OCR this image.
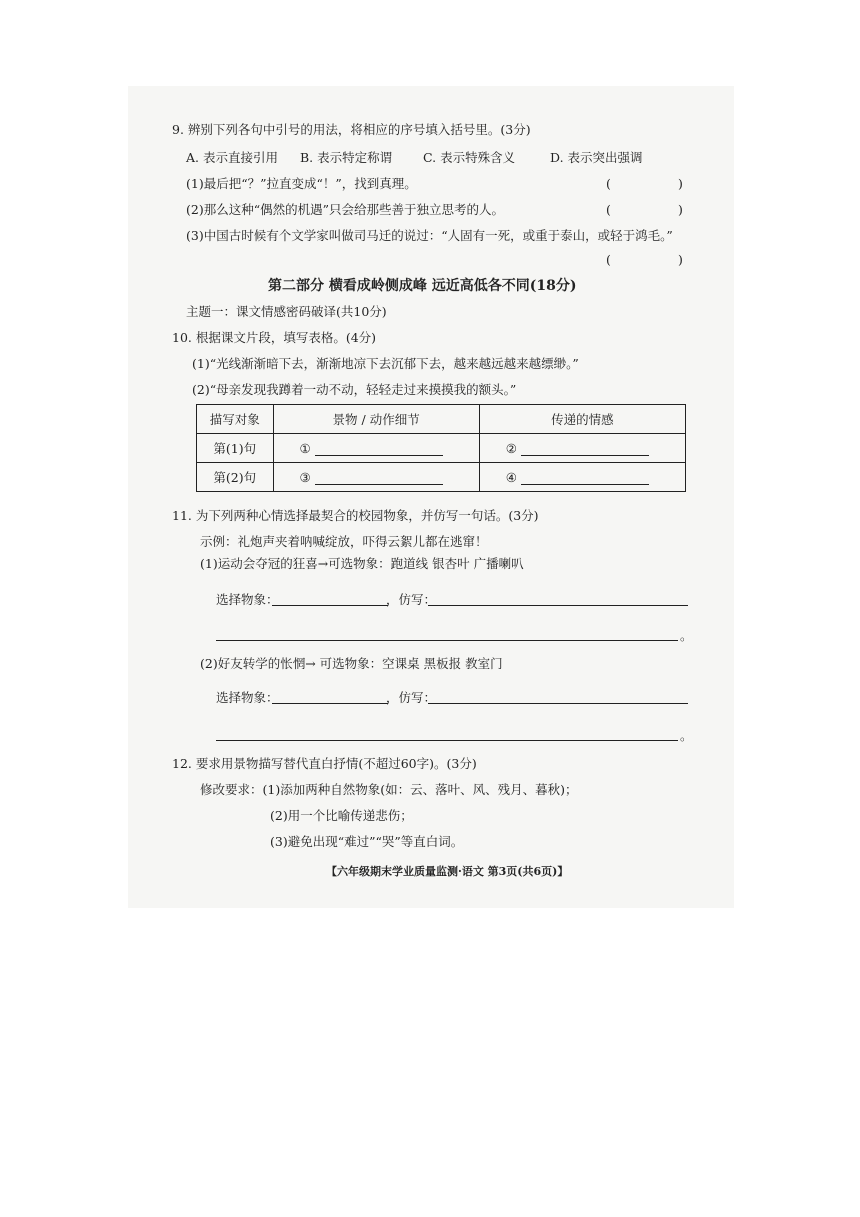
9. 辨别下列各句中引号的用法，将相应的序号填入括号里。(3分)
A. 表示直接引用 B. 表示特定称谓 C. 表示特殊含义	D. 表示突出强调
(1)最后把“？”拉直变成“！”，找到真理。	(	)
(2)那么这种“偶然的机遇”只会给那些善于独立思考的人。	(	)
(3)中国古时候有个文学家叫做司马迁的说过：“人固有一死，或重于泰山，或轻于鸿毛。”
(	)
第二部分 横看成岭侧成峰 远近高低各不同(18分)
主题一：课文情感密码破译(共10分)
10. 根据课文片段，填写表格。(4分)
(1)“光线渐渐暗下去，渐渐地凉下去沉郁下去，越来越远越来越缥缈。”
(2)“母亲发现我蹲着一动不动，轻轻走过来摸摸我的额头。”
描写对象	景物 / 动作细节	传递的情感
第(1)句	①	②
第(2)句	③	④
11. 为下列两种心情选择最契合的校园物象，并仿写一句话。(3分)
示例：礼炮声夹着呐喊绽放，吓得云絮儿都在逃窜！
(1)运动会夺冠的狂喜→可选物象：跑道线 银杏叶 广播喇叭
选择物象：	，仿写：
。
(2)好友转学的怅惘→ 可选物象：空课桌 黑板报 教室门
选择物象：	，仿写：
。
12. 要求用景物描写替代直白抒情(不超过60字)。(3分)
修改要求：(1)添加两种自然物象(如：云、落叶、风、残月、暮秋)；
(2)用一个比喻传递悲伤；
(3)避免出现“难过”“哭”等直白词。
【六年级期末学业质量监测·语文 第3页(共6页)】
